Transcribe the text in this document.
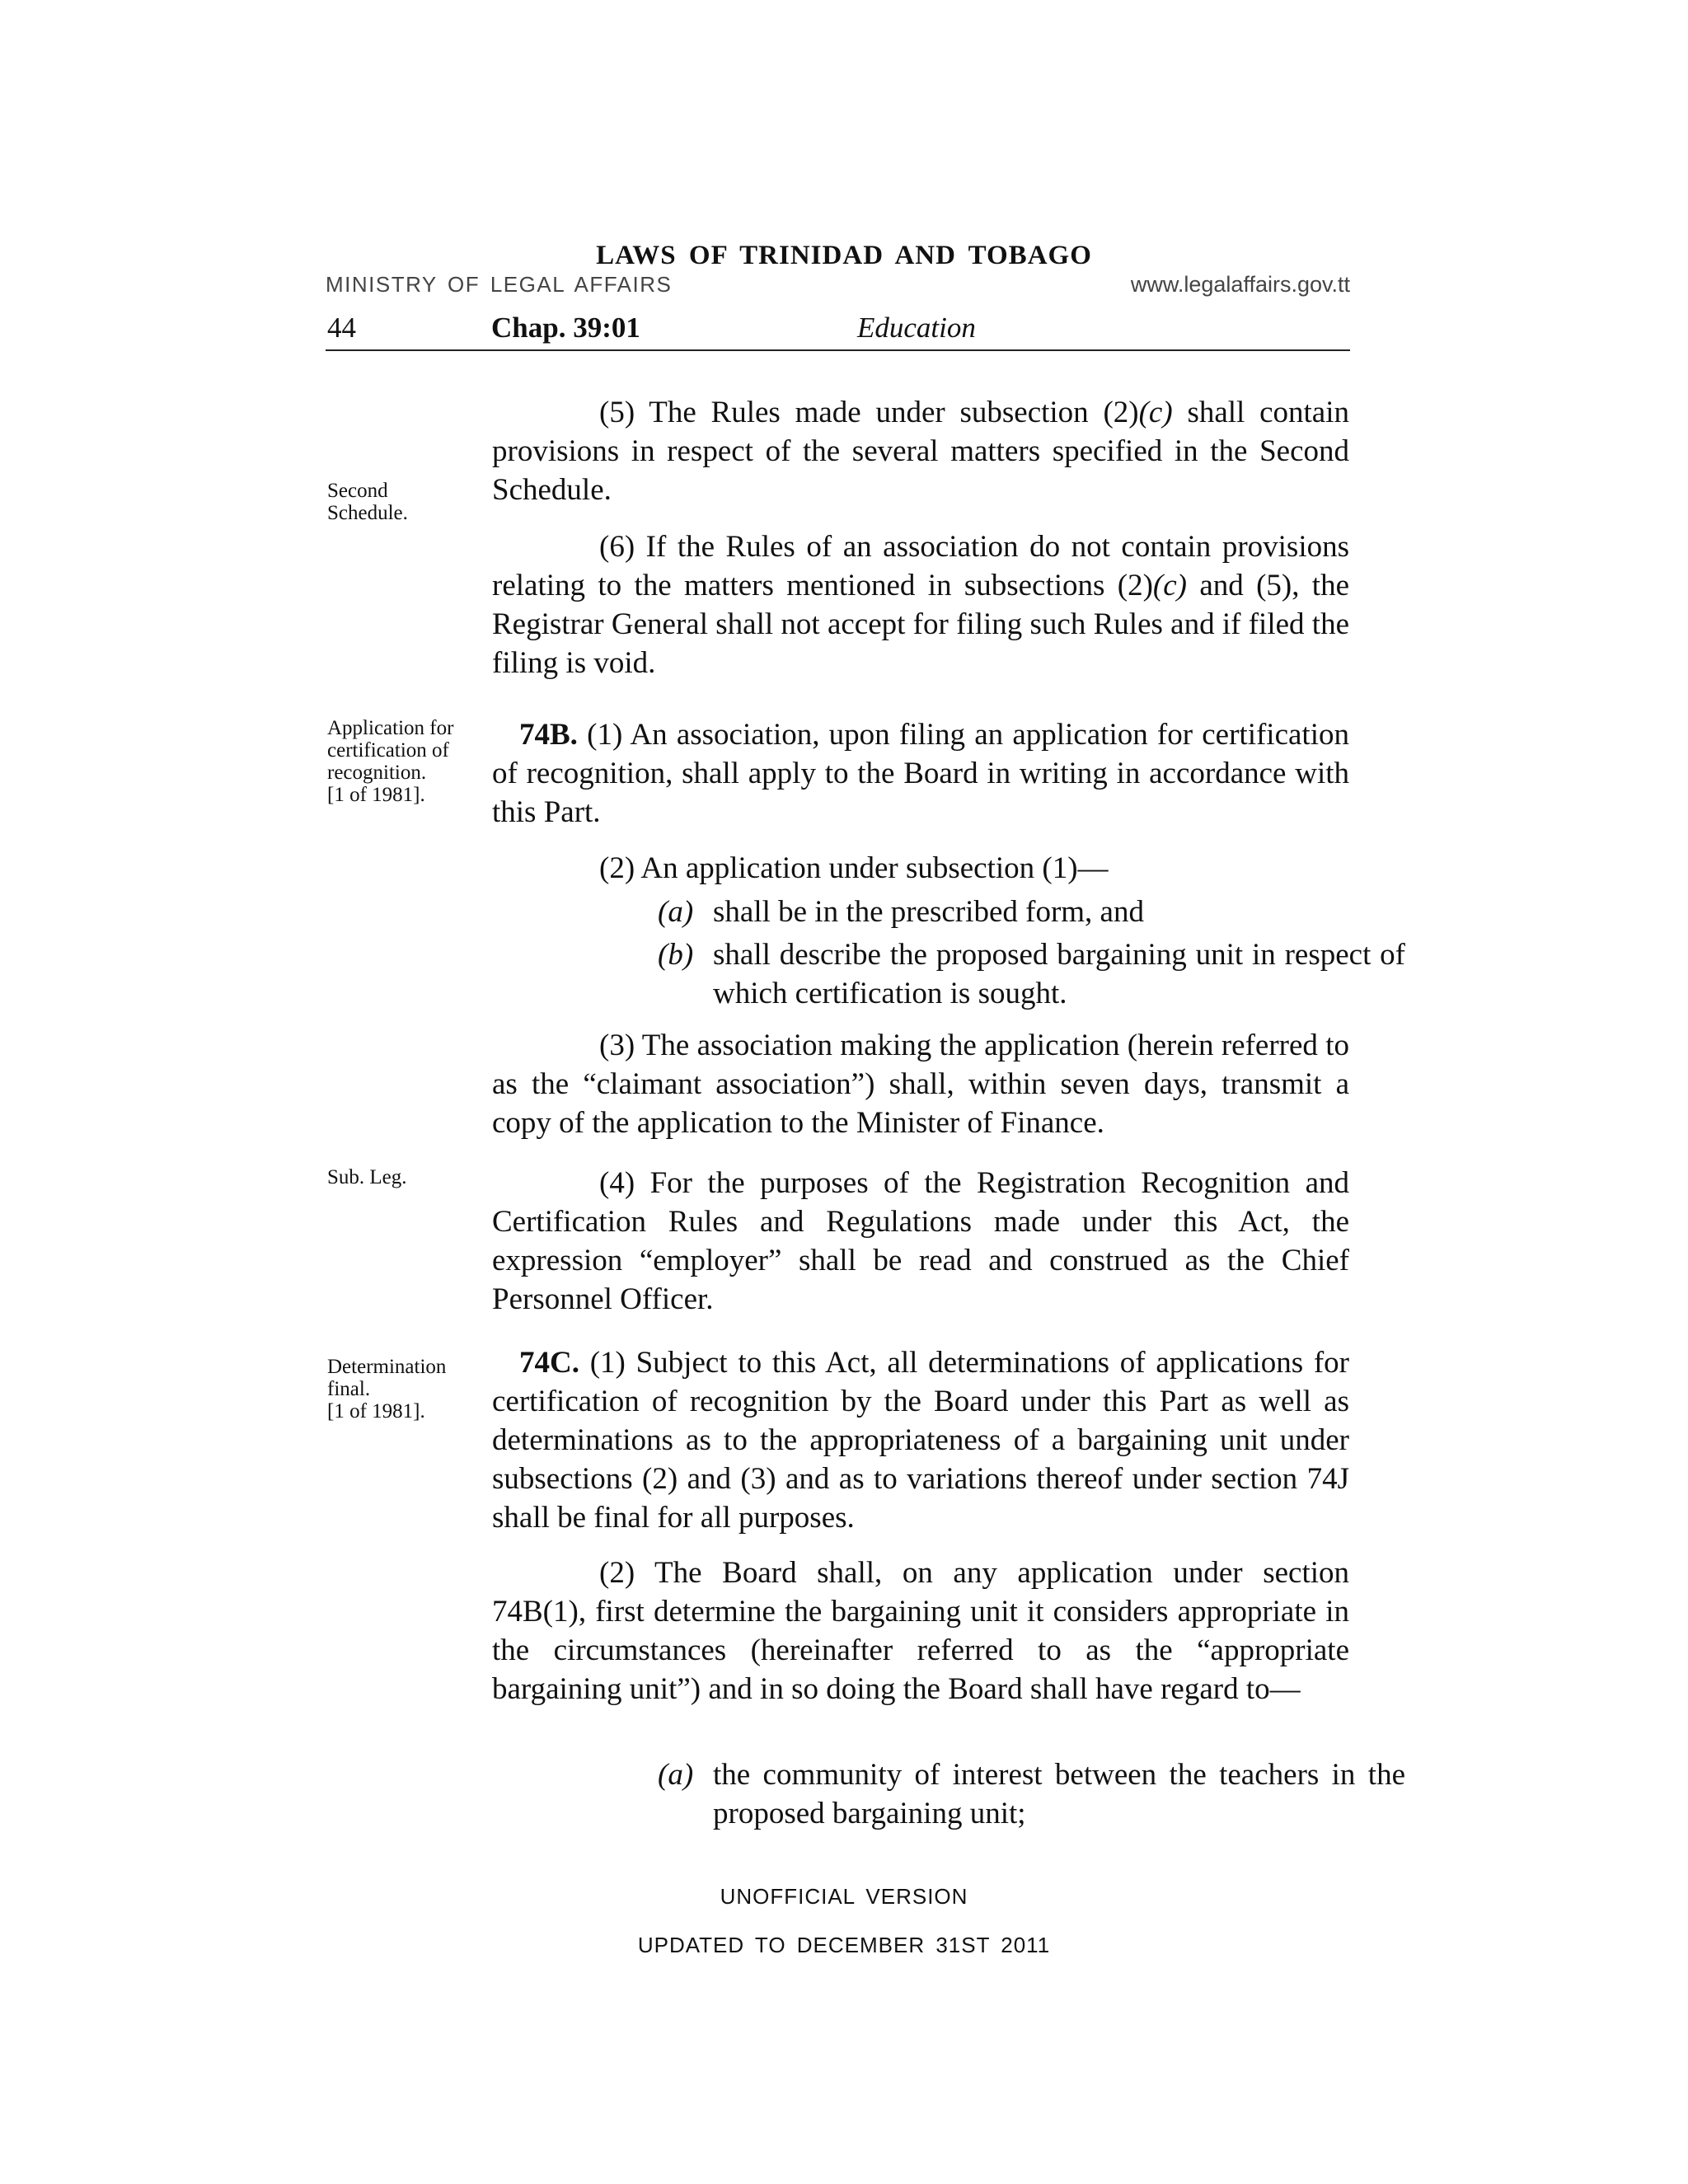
LAWS OF TRINIDAD AND TOBAGO
MINISTRY OF LEGAL AFFAIRS	www.legalaffairs.gov.tt
44	Chap. 39:01	Education
Second Schedule.
Application for certification of recognition.
[1 of 1981].
Sub. Leg.
Determination final.
[1 of 1981].

(5) The Rules made under subsection (2)(c) shall contain provisions in respect of the several matters specified in the Second Schedule.

(6) If the Rules of an association do not contain provisions relating to the matters mentioned in subsections (2)(c) and (5), the Registrar General shall not accept for filing such Rules and if filed the filing is void.

74B. (1) An association, upon filing an application for certification of recognition, shall apply to the Board in writing in accordance with this Part.

(2) An application under subsection (1)—

(a) shall be in the prescribed form, and
(b) shall describe the proposed bargaining unit in respect of which certification is sought.

(3) The association making the application (herein referred to as the “claimant association”) shall, within seven days, transmit a copy of the application to the Minister of Finance.

(4) For the purposes of the Registration Recognition and Certification Rules and Regulations made under this Act, the expression “employer” shall be read and construed as the Chief Personnel Officer.

74C. (1) Subject to this Act, all determinations of applications for certification of recognition by the Board under this Part as well as determinations as to the appropriateness of a bargaining unit under subsections (2) and (3) and as to variations thereof under section 74J shall be final for all purposes.

(2) The Board shall, on any application under section 74B(1), first determine the bargaining unit it considers appropriate in the circumstances (hereinafter referred to as the “appropriate bargaining unit”) and in so doing the Board shall have regard to—

(a) the community of interest between the teachers in the proposed bargaining unit;
UNOFFICIAL VERSION
UPDATED TO DECEMBER 31ST 2011
